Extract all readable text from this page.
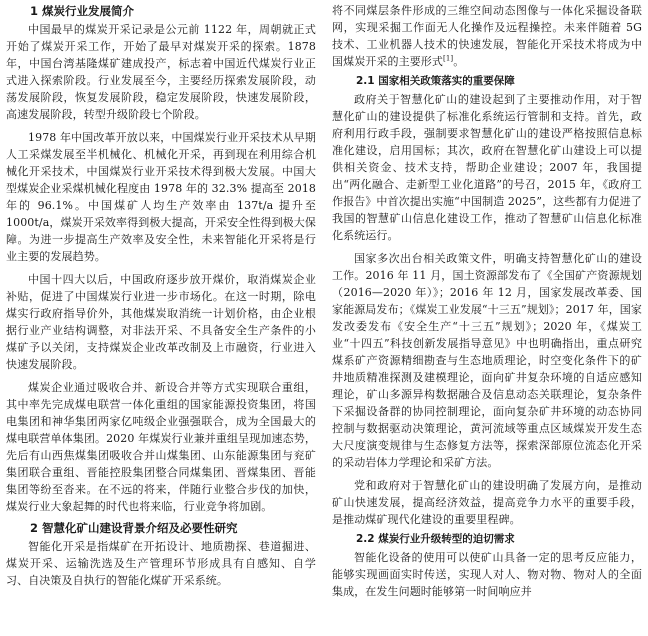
1 煤炭行业发展简介

中国最早的煤炭开采记录是公元前 1122 年，周朝就正式开始了煤炭开采工作，开始了最早对煤炭开采的探索。1878 年，中国台湾基隆煤矿建成投产，标志着中国近代煤炭行业正式进入探索阶段。行业发展至今，主要经历探索发展阶段，动荡发展阶段，恢复发展阶段，稳定发展阶段，快速发展阶段，高速发展阶段，转型升级阶段七个阶段。

1978 年中国改革开放以来，中国煤炭行业开采技术从早期人工采煤发展至半机械化、机械化开采，再到现在利用综合机械化开采技术，中国煤炭行业开采技术得到极大发展。中国大型煤炭企业采煤机械化程度由 1978 年的 32.3% 提高至 2018 年的 96.1%。中国煤矿人均生产效率由 137t/a 提升至 1000t/a，煤炭开采效率得到极大提高，开采安全性得到极大保障。为进一步提高生产效率及安全性，未来智能化开采将是行业主要的发展趋势。

中国十四大以后，中国政府逐步放开煤价，取消煤炭企业补贴，促进了中国煤炭行业进一步市场化。在这一时期，除电煤实行政府指导价外，其他煤炭取消统一计划价格，由企业根据行业产业结构调整，对非法开采、不具备安全生产条件的小煤矿予以关闭，支持煤炭企业改革改制及上市融资，行业进入快速发展阶段。

煤炭企业通过吸收合并、新设合并等方式实现联合重组，其中率先完成煤电联营一体化重组的国家能源投资集团，将国电集团和神华集团两家亿吨级企业强强联合，成为全国最大的煤电联营单体集团。2020 年煤炭行业兼并重组呈现加速态势，先后有山西焦煤集团吸收合并山煤集团、山东能源集团与兖矿集团联合重组、晋能控股集团整合同煤集团、晋煤集团、晋能集团等纷至沓来。在不远的将来，伴随行业整合步伐的加快，煤炭行业大象起舞的时代也将来临，行业竞争将加剧。

2 智慧化矿山建设背景介绍及必要性研究

智能化开采是指煤矿在开拓设计、地质勘探、巷道掘进、煤炭开采、运输洗选及生产管理环节形成具有自感知、自学习、自决策及自执行的智能化煤矿开采系统。

将不同煤层条件形成的三维空间动态图像与一体化采掘设备联网，实现采掘工作面无人化操作及远程操控。未来伴随着 5G 技术、工业机器人技术的快速发展，智能化开采技术将成为中国煤炭开采的主要形式[1]。

2.1 国家相关政策落实的重要保障

政府关于智慧化矿山的建设起到了主要推动作用，对于智慧化矿山的建设提供了标准化系统运行管制和支持。首先，政府利用行政手段，强制要求智慧化矿山的建设严格按照信息标准化建设，启用国标；其次，政府在智慧化矿山建设上可以提供相关资金、技术支持，帮助企业建设；2007 年，我国提出“两化融合、走新型工业化道路”的号召，2015 年，《政府工作报告》中首次提出实施“中国制造 2025”，这些都有力促进了我国的智慧矿山信息化建设工作，推动了智慧矿山信息化标准化系统运行。

国家多次出台相关政策文件，明确支持智慧化矿山的建设工作。2016 年 11 月，国土资源部发布了《全国矿产资源规划（2016—2020 年）》；2016 年 12 月，国家发展改革委、国家能源局发布；《煤炭工业发展“十三五”规划》；2017 年，国家发改委发布《安全生产“十三五”规划》；2020 年，《煤炭工业“十四五”科技创新发展指导意见》中也明确指出，重点研究煤系矿产资源精细勘查与生态地质理论，时空变化条件下的矿井地质精准探测及建模理论，面向矿井复杂环境的自适应感知理论，矿山多源异构数据融合及信息动态关联理论，复杂条件下采掘设备群的协同控制理论，面向复杂矿井环境的动态协同控制与数据驱动决策理论，黄河流域等重点区域煤炭开发生态大尺度演变规律与生态修复方法等，探索深部原位流态化开采的采动岩体力学理论和采矿方法。

党和政府对于智慧化矿山的建设明确了发展方向，是推动矿山快速发展，提高经济效益，提高竞争力水平的重要手段，是推动煤矿现代化建设的重要里程碑。

2.2 煤炭行业升级转型的迫切需求

智能化设备的使用可以使矿山具备一定的思考反应能力，能够实现画面实时传送，实现人对人、物对物、物对人的全面集成，在发生问题时能够第一时间响应并
